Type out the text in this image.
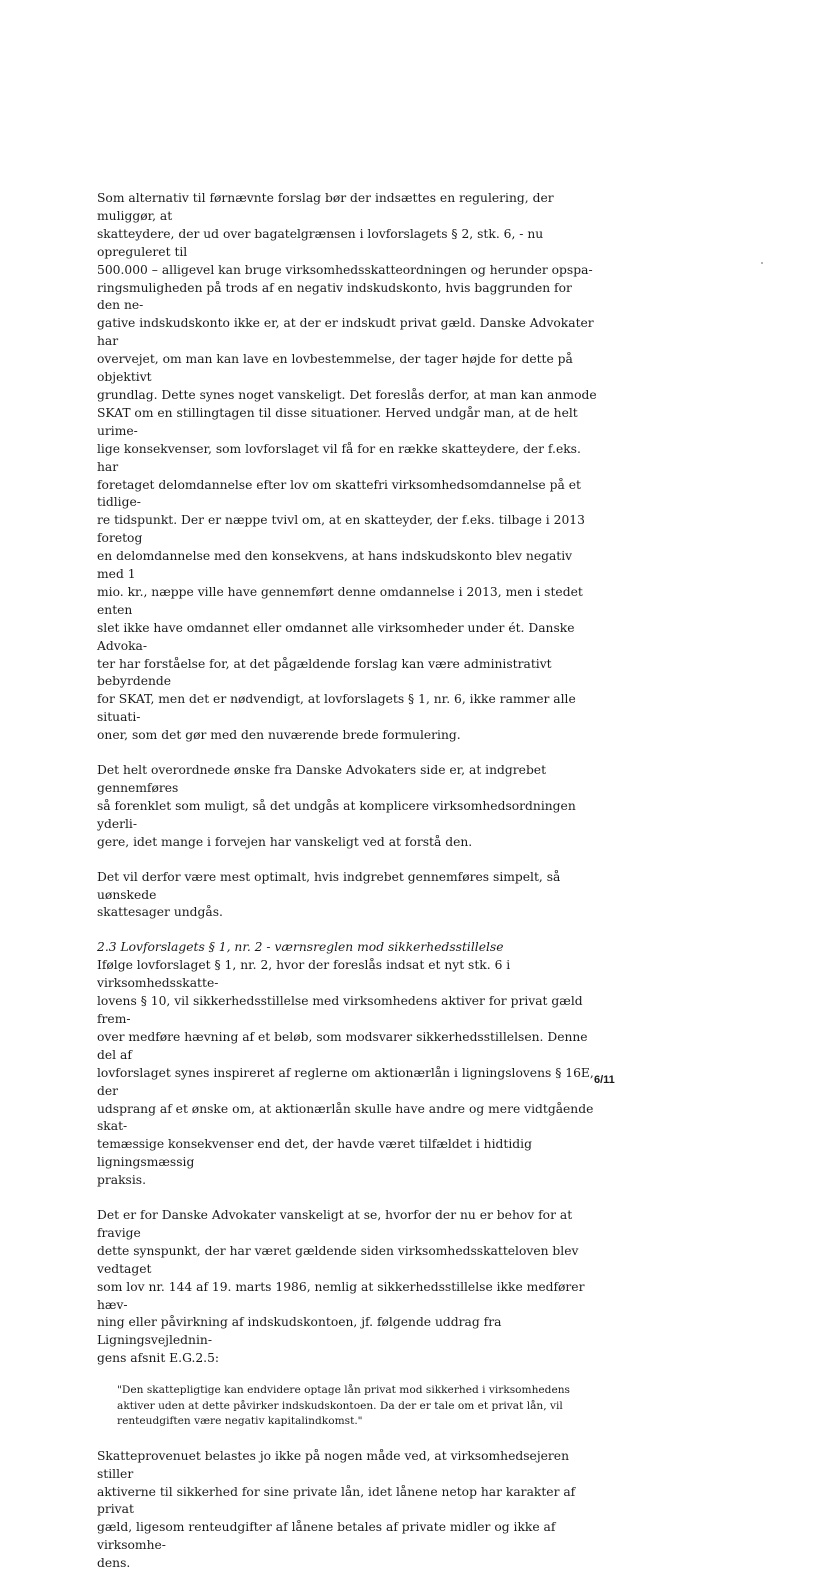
Som alternativ til førnævnte forslag bør der indsættes en regulering, der muliggør, at
skatteydere, der ud over bagatelgrænsen i lovforslagets § 2, stk. 6, - nu opreguleret til
500.000 – alligevel kan bruge virksomhedsskatteordningen og herunder opspa-
ringsmuligheden på trods af en negativ indskudskonto, hvis baggrunden for den ne-
gative indskudskonto ikke er, at der er indskudt privat gæld. Danske Advokater har
overvejet, om man kan lave en lovbestemmelse, der tager højde for dette på objektivt
grundlag. Dette synes noget vanskeligt. Det foreslås derfor, at man kan anmode
SKAT om en stillingtagen til disse situationer. Herved undgår man, at de helt urime-
lige konsekvenser, som lovforslaget vil få for en række skatteydere, der f.eks. har
foretaget delomdannelse efter lov om skattefri virksomhedsomdannelse på et tidlige-
re tidspunkt. Der er næppe tvivl om, at en skatteyder, der f.eks. tilbage i 2013 foretog
en delomdannelse med den konsekvens, at hans indskudskonto blev negativ med 1
mio. kr., næppe ville have gennemført denne omdannelse i 2013, men i stedet enten
slet ikke have omdannet eller omdannet alle virksomheder under ét. Danske Advoka-
ter har forståelse for, at det pågældende forslag kan være administrativt bebyrdende
for SKAT, men det er nødvendigt, at lovforslagets § 1, nr. 6, ikke rammer alle situati-
oner, som det gør med den nuværende brede formulering.

Det helt overordnede ønske fra Danske Advokaters side er, at indgrebet gennemføres
så forenklet som muligt, så det undgås at komplicere virksomhedsordningen yderli-
gere, idet mange i forvejen har vanskeligt ved at forstå den.

Det vil derfor være mest optimalt, hvis indgrebet gennemføres simpelt, så uønskede
skattesager undgås.

2.3 Lovforslagets § 1, nr. 2 - værnsreglen mod sikkerhedsstillelse

Ifølge lovforslaget § 1, nr. 2, hvor der foreslås indsat et nyt stk. 6 i virksomhedsskatte-
lovens § 10, vil sikkerhedsstillelse med virksomhedens aktiver for privat gæld frem-
over medføre hævning af et beløb, som modsvarer sikkerhedsstillelsen. Denne del af
lovforslaget synes inspireret af reglerne om aktionærlån i ligningslovens § 16E, der
udsprang af et ønske om, at aktionærlån skulle have andre og mere vidtgående skat-
temæssige konsekvenser end det, der havde været tilfældet i hidtidig ligningsmæssig
praksis.

Det er for Danske Advokater vanskeligt at se, hvorfor der nu er behov for at fravige
dette synspunkt, der har været gældende siden virksomhedsskatteloven blev vedtaget
som lov nr. 144 af 19. marts 1986, nemlig at sikkerhedsstillelse ikke medfører hæv-
ning eller påvirkning af indskudskontoen, jf. følgende uddrag fra Ligningsvejlednin-
gens afsnit E.G.2.5:

"Den skattepligtige kan endvidere optage lån privat mod sikkerhed i virksomhedens
aktiver uden at dette påvirker indskudskontoen. Da der er tale om et privat lån, vil
renteudgiften være negativ kapitalindkomst."

Skatteprovenuet belastes jo ikke på nogen måde ved, at virksomhedsejeren stiller
aktiverne til sikkerhed for sine private lån, idet lånene netop har karakter af privat
gæld, ligesom renteudgifter af lånene betales af private midler og ikke af virksomhe-
dens.

6/11
